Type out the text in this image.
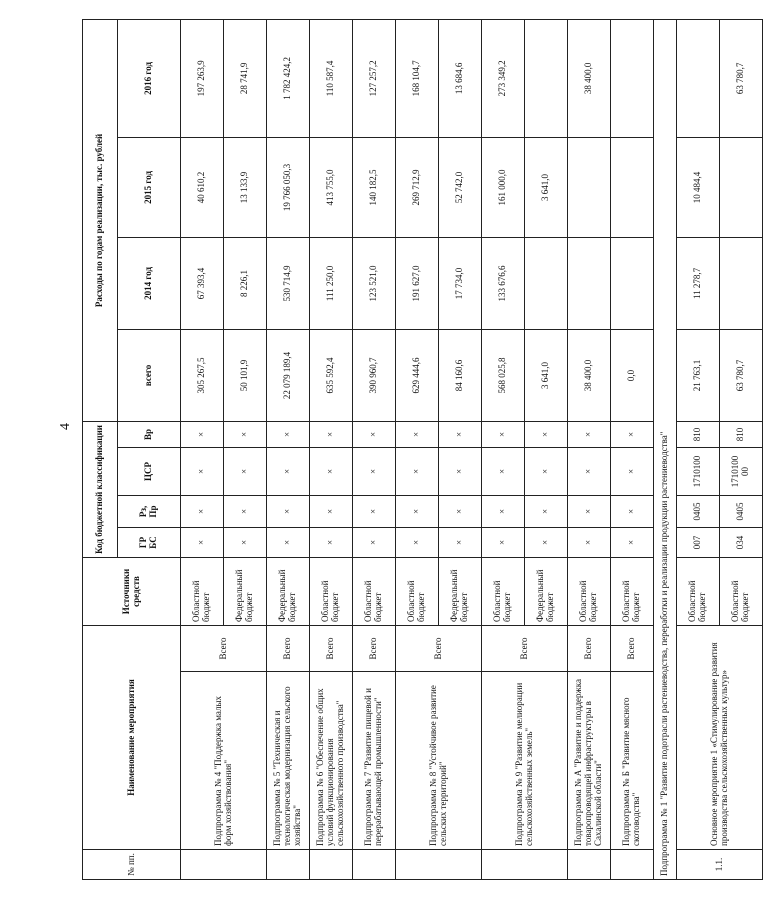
4
№ пп.	Наименование мероприятия		Источники средств	Код бюджетной классификации				Расходы по годам реализации, тыс. рублей			
				ГР БС	Рз, Пр	ЦСР	Вр	всего	2014 год	2015 год	2016 год
	Подпрограмма № 4 "Поддержка малых форм хозяйствования"	Всего	Областной бюджет	×	×	×	×	305 267,5	67 393,4	40 610,2	197 263,9
			Федеральный бюджет	×	×	×	×	50 101,9	8 226,1	13 133,9	28 741,9
	Подпрограмма № 5 "Техническая и технологическая модернизация сельского хозяйства"	Всего	Федеральный бюджет	×	×	×	×	22 079 189,4	530 714,9	19 766 050,3	1 782 424,2
	Подпрограмма № 6 "Обеспечение общих условий функционирования сельскохозяйственного производства"	Всего	Областной бюджет	×	×	×	×	635 592,4	111 250,0	413 755,0	110 587,4
	Подпрограмма № 7 "Развитие пищевой и перерабатывающей промышленности"	Всего	Областной бюджет	×	×	×	×	390 960,7	123 521,0	140 182,5	127 257,2
	Подпрограмма № 8 "Устойчивое развитие сельских территорий"	Всего	Областной бюджет	×	×	×	×	629 444,6	191 627,0	269 712,9	168 104,7
			Федеральный бюджет	×	×	×	×	84 160,6	17 734,0	52 742,0	13 684,6
	Подпрограмма № 9 "Развитие мелиорации сельскохозяйственных земель"	Всего	Областной бюджет	×	×	×	×	568 025,8	133 676,6	161 000,0	273 349,2
			Федеральный бюджет	×	×	×	×	3 641,0		3 641,0	
	Подпрограмма № А "Развитие и поддержка товаропроводящей инфраструктуры в Сахалинской области"	Всего	Областной бюджет	×	×	×	×	38 400,0			38 400,0
	Подпрограмма № Б "Развитие мясного скотоводства"	Всего	Областной бюджет	×	×	×	×	0,0			
Подпрограмма № 1 "Развитие подотрасли растениеводства, переработки и реализации продукции растениеводства"											
1.1.	Основное мероприятие 1 «Стимулирование развития производства сельскохозяйственных культур»		Областной бюджет	007	0405	1710100	810	21 763,1	11 278,7	10 484,4	
			Областной бюджет	034	0405	1710100 00	810	63 780,7			63 780,7
